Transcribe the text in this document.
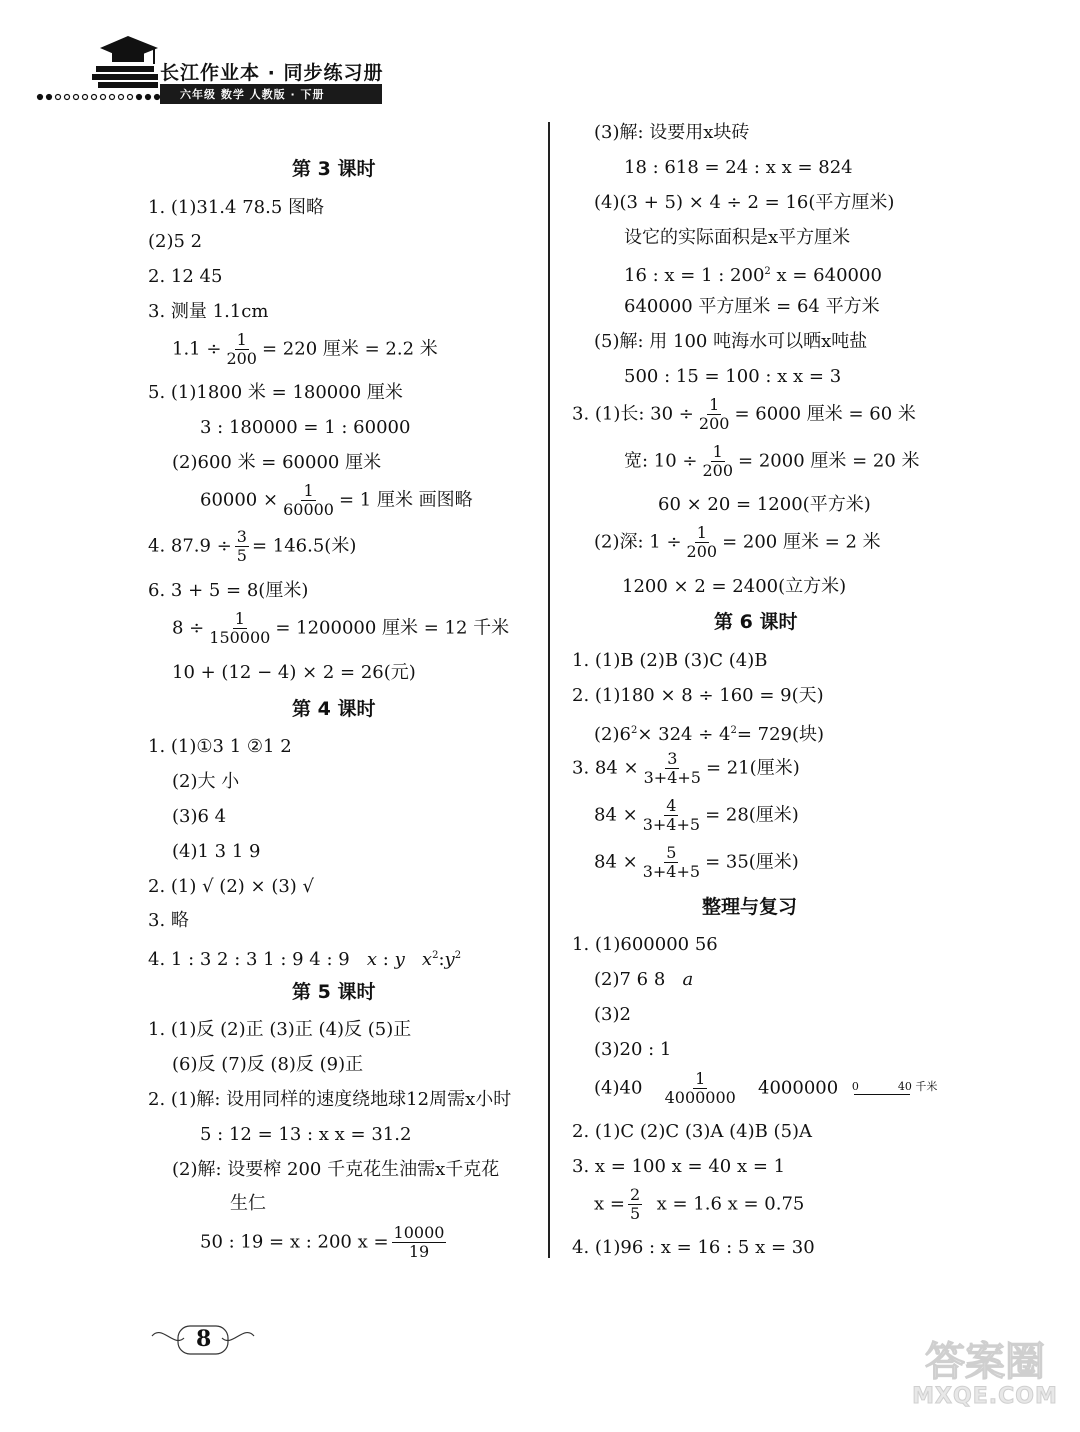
长江作业本 · 同步练习册
六年级 数学 人教版 · 下册
第 3 课时
1. (1)31.4 78.5 图略
(2)5 2
2. 12 45
3. 测量 1.1cm
$1.1 \div \frac{1}{200} = 220$ 厘米 = 2.2 米
5. (1)1800 米 = 180000 厘米
3 : 180000 = 1 : 60000
(2)600 米 = 60000 厘米
$60000 \times \frac{1}{60000} = 1$ 厘米 画图略
4. $87.9 \div \frac{3}{5} = 146.5$(米)
6. 3 + 5 = 8(厘米)
$8 \div \frac{1}{150000} = 1200000$ 厘米 = 12 千米
10 + (12 − 4) × 2 = 26(元)
第 4 课时
1. (1)①3 1 ②1 2
(2)大 小
(3)6 4
(4)1 3 1 9
2. (1) √ (2) × (3) √
3. 略
4. 1 : 3 2 : 3 1 : 9 4 : 9 x : y $x^2:y^2$
第 5 课时
1. (1)反 (2)正 (3)正 (4)反 (5)正
(6)反 (7)反 (8)反 (9)正
2. (1)解: 设用同样的速度绕地球12周需x小时
5 : 12 = 13 : x x = 31.2
(2)解: 设要榨 200 千克花生油需x千克花
生仁
50 : 19 = x : 200 $x = \frac{10000}{19}$
(3)解: 设要用x块砖
18 : 618 = 24 : x x = 824
(4)(3 + 5) × 4 ÷ 2 = 16(平方厘米)
设它的实际面积是x平方厘米
16 : x = 1 : $200^2$ x = 640000
640000 平方厘米 = 64 平方米
(5)解: 用 100 吨海水可以晒x吨盐
500 : 15 = 100 : x x = 3
3. (1)长: $30 \div \frac{1}{200} = 6000$ 厘米 = 60 米
宽: $10 \div \frac{1}{200} = 2000$ 厘米 = 20 米
60 × 20 = 1200(平方米)
(2)深: $1 \div \frac{1}{200} = 200$ 厘米 = 2 米
1200 × 2 = 2400(立方米)
第 6 课时
1. (1)B (2)B (3)C (4)B
2. (1)180 × 8 ÷ 160 = 9(天)
$(2)6^2\times 324 \div 4^2= 729$(块)
3. $84 \times \frac{3}{3+4+5} = 21$(厘米)
$84 \times \frac{4}{3+4+5} = 28$(厘米)
$84 \times \frac{5}{3+4+5} = 35$(厘米)
整理与复习
1. (1)600000 56
(2)7 6 8 a
(3)2
(3)20 : 1
$(4)40 \frac{1}{4000000} 4000000$ 0	40 千米
2. (1)C (2)C (3)A (4)B (5)A
3. x = 100 x = 40 x = 1
$x = \frac{2}{5}$ x = 1.6 x = 0.75
4. (1)96 : x = 16 : 5 x = 30
8	答案圈
MXQE.COM
